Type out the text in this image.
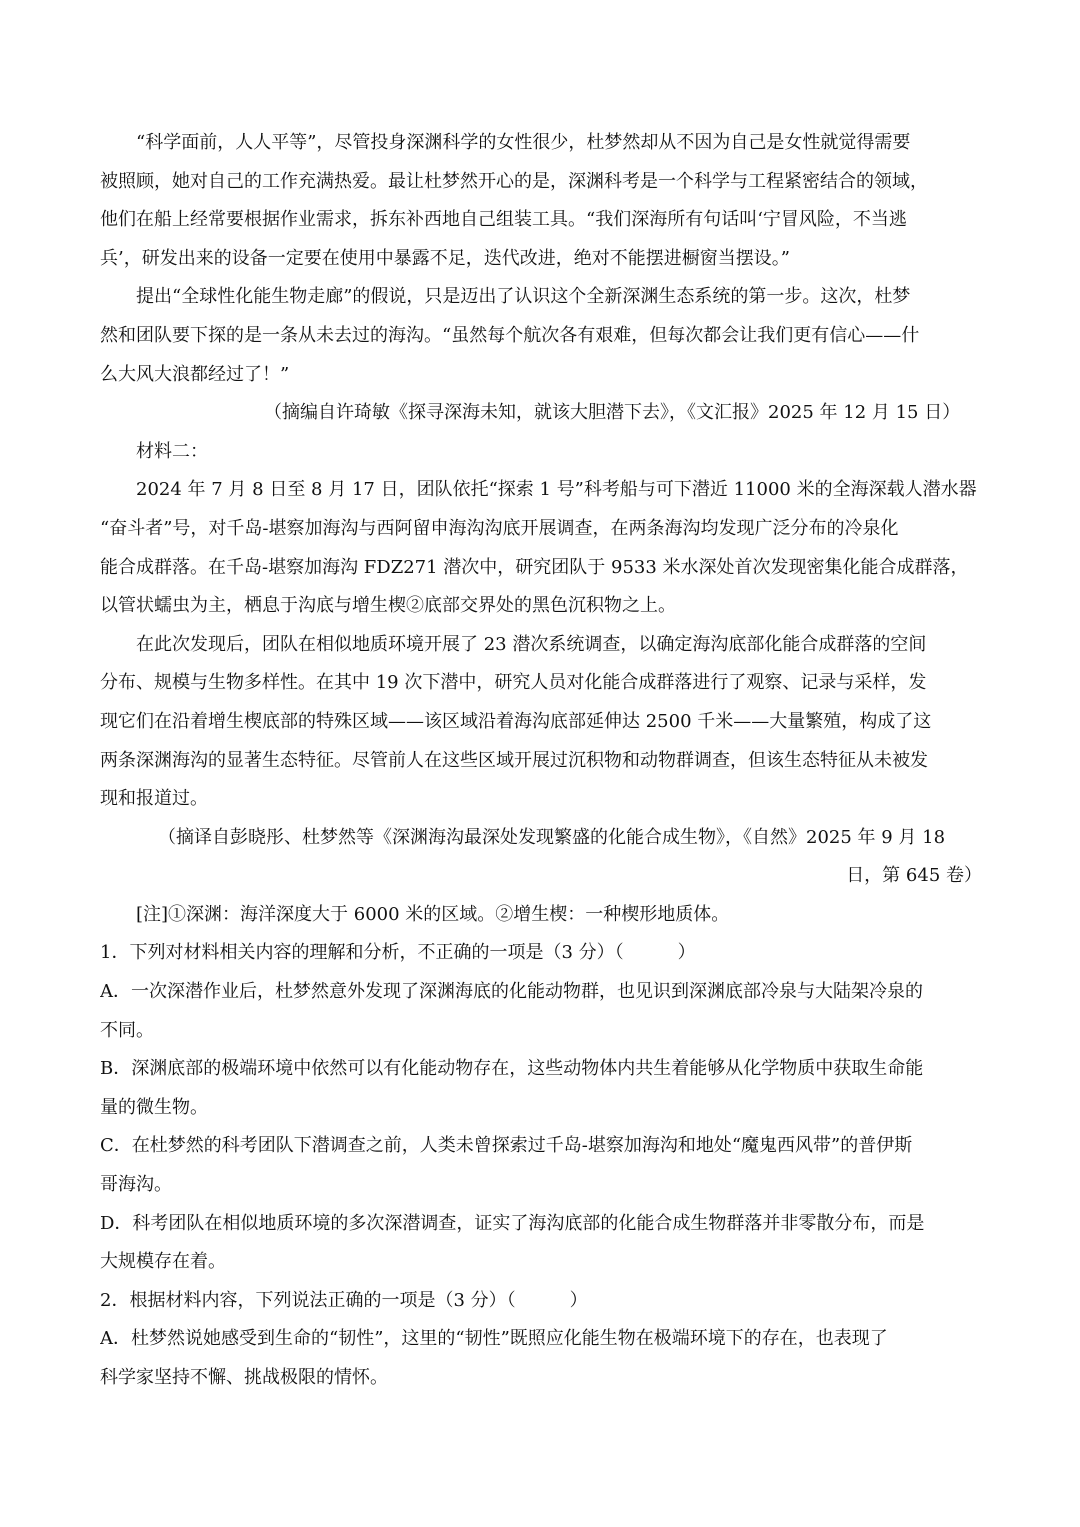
“科学面前，人人平等”，尽管投身深渊科学的女性很少，杜梦然却从不因为自己是女性就觉得需要
被照顾，她对自己的工作充满热爱。最让杜梦然开心的是，深渊科考是一个科学与工程紧密结合的领域，
他们在船上经常要根据作业需求，拆东补西地自己组装工具。“我们深海所有句话叫‘宁冒风险，不当逃
兵’，研发出来的设备一定要在使用中暴露不足，迭代改进，绝对不能摆进橱窗当摆设。”
提出“全球性化能生物走廊”的假说，只是迈出了认识这个全新深渊生态系统的第一步。这次，杜梦
然和团队要下探的是一条从未去过的海沟。“虽然每个航次各有艰难，但每次都会让我们更有信心——什
么大风大浪都经过了！”
（摘编自许琦敏《探寻深海未知，就该大胆潜下去》，《文汇报》2025 年 12 月 15 日）
材料二：
2024 年 7 月 8 日至 8 月 17 日，团队依托“探索 1 号”科考船与可下潜近 11000 米的全海深载人潜水器
“奋斗者”号，对千岛-堪察加海沟与西阿留申海沟沟底开展调查，在两条海沟均发现广泛分布的冷泉化
能合成群落。在千岛-堪察加海沟 FDZ271 潜次中，研究团队于 9533 米水深处首次发现密集化能合成群落，
以管状蠕虫为主，栖息于沟底与增生楔②底部交界处的黑色沉积物之上。
在此次发现后，团队在相似地质环境开展了 23 潜次系统调查，以确定海沟底部化能合成群落的空间
分布、规模与生物多样性。在其中 19 次下潜中，研究人员对化能合成群落进行了观察、记录与采样，发
现它们在沿着增生楔底部的特殊区域——该区域沿着海沟底部延伸达 2500 千米——大量繁殖，构成了这
两条深渊海沟的显著生态特征。尽管前人在这些区域开展过沉积物和动物群调查，但该生态特征从未被发
现和报道过。
（摘译自彭晓彤、杜梦然等《深渊海沟最深处发现繁盛的化能合成生物》，《自然》2025 年 9 月 18
日，第 645 卷）
[注]①深渊：海洋深度大于 6000 米的区域。②增生楔：一种楔形地质体。
1．下列对材料相关内容的理解和分析，不正确的一项是（3 分）（　　　）
A．一次深潜作业后，杜梦然意外发现了深渊海底的化能动物群，也见识到深渊底部冷泉与大陆架冷泉的
不同。
B．深渊底部的极端环境中依然可以有化能动物存在，这些动物体内共生着能够从化学物质中获取生命能
量的微生物。
C．在杜梦然的科考团队下潜调查之前，人类未曾探索过千岛-堪察加海沟和地处“魔鬼西风带”的普伊斯
哥海沟。
D．科考团队在相似地质环境的多次深潜调查，证实了海沟底部的化能合成生物群落并非零散分布，而是
大规模存在着。
2．根据材料内容，下列说法正确的一项是（3 分）（　　　）
A．杜梦然说她感受到生命的“韧性”，这里的“韧性”既照应化能生物在极端环境下的存在，也表现了
科学家坚持不懈、挑战极限的情怀。
